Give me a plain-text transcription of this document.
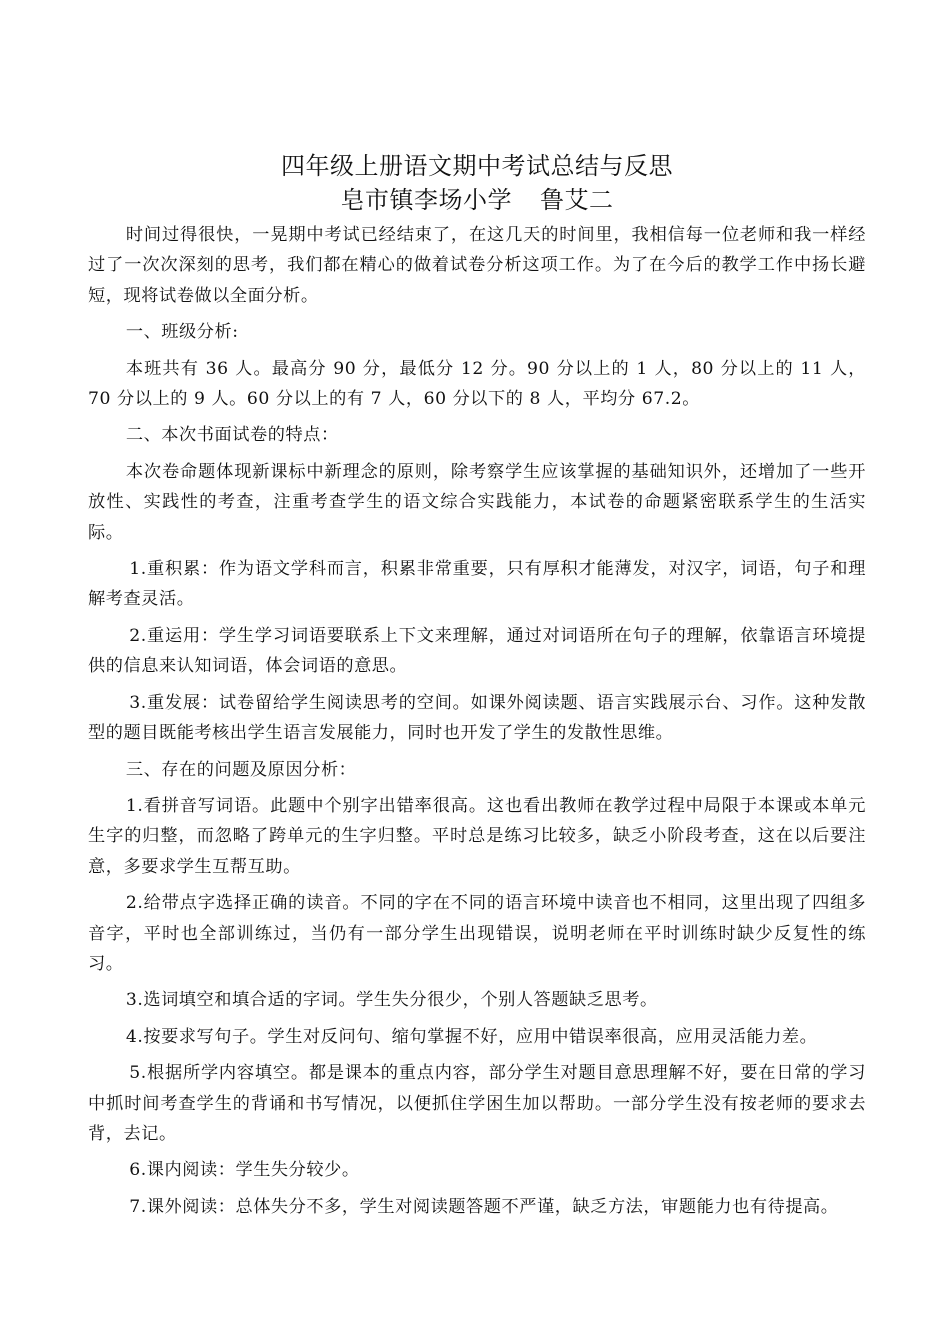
四年级上册语文期中考试总结与反思
皂市镇李场小学 鲁艾二

时间过得很快，一晃期中考试已经结束了，在这几天的时间里，我相信每一位老师和我一样经过了一次次深刻的思考，我们都在精心的做着试卷分析这项工作。为了在今后的教学工作中扬长避短，现将试卷做以全面分析。

一、班级分析:

本班共有 36 人。最高分 90 分，最低分 12 分。90 分以上的 1 人，80 分以上的 11 人，70 分以上的 9 人。60 分以上的有 7 人，60 分以下的 8 人，平均分 67.2。

二、本次书面试卷的特点：

本次卷命题体现新课标中新理念的原则，除考察学生应该掌握的基础知识外，还增加了一些开放性、实践性的考查，注重考查学生的语文综合实践能力，本试卷的命题紧密联系学生的生活实际。

1.重积累：作为语文学科而言，积累非常重要，只有厚积才能薄发，对汉字，词语，句子和理解考查灵活。

2.重运用：学生学习词语要联系上下文来理解，通过对词语所在句子的理解，依靠语言环境提供的信息来认知词语，体会词语的意思。

3.重发展：试卷留给学生阅读思考的空间。如课外阅读题、语言实践展示台、习作。这种发散型的题目既能考核出学生语言发展能力，同时也开发了学生的发散性思维。

三、存在的问题及原因分析：

1.看拼音写词语。此题中个别字出错率很高。这也看出教师在教学过程中局限于本课或本单元生字的归整，而忽略了跨单元的生字归整。平时总是练习比较多，缺乏小阶段考查，这在以后要注意，多要求学生互帮互助。

2.给带点字选择正确的读音。不同的字在不同的语言环境中读音也不相同，这里出现了四组多音字，平时也全部训练过，当仍有一部分学生出现错误，说明老师在平时训练时缺少反复性的练习。

3.选词填空和填合适的字词。学生失分很少，个别人答题缺乏思考。

4.按要求写句子。学生对反问句、缩句掌握不好，应用中错误率很高，应用灵活能力差。

5.根据所学内容填空。都是课本的重点内容，部分学生对题目意思理解不好，要在日常的学习中抓时间考查学生的背诵和书写情况，以便抓住学困生加以帮助。一部分学生没有按老师的要求去背，去记。

6.课内阅读：学生失分较少。

7.课外阅读：总体失分不多，学生对阅读题答题不严谨，缺乏方法，审题能力也有待提高。
